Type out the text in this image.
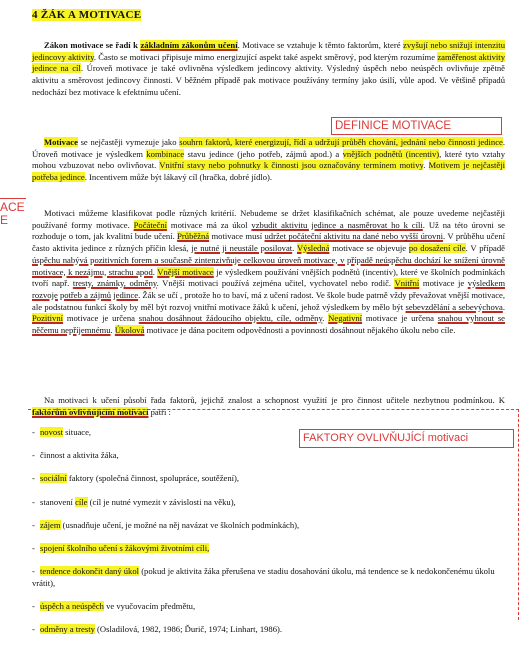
4 ŽÁK A MOTIVACE

Zákon motivace se řadí k základním zákonům učení. Motivace se vztahuje k těmto faktorům, které zvyšují nebo snižují intenzitu jedincovy aktivity. Často se motivaci připisuje mimo energizující aspekt také aspekt směrový, pod kterým rozumíme zaměřenost aktivity jedince na cíl. Úroveň motivace je také ovlivněna výsledkem jedincovy aktivity. Výsledný úspěch nebo neúspěch ovlivňuje zpětně aktivitu a směrovost jedincovy činnosti. V běžném případě pak motivace používány termíny jako úsilí, vůle apod. Ve většině případů nedochází bez motivace k efektnímu učení.

DEFINICE MOTIVACE

Motivace se nejčastěji vymezuje jako souhrn faktorů, které energizují, řídí a udržují průběh chování, jednání nebo činnosti jedince. Úroveň motivace je výsledkem kombinace stavu jedince (jeho potřeb, zájmů apod.) a vnějších podnětů (incentiv), které tyto vztahy mohou vzbuzovat nebo ovlivňovat. Vnitřní stavy nebo pohnutky k činnosti jsou označovány termínem motivy. Motivem je nejčastěji potřeba jedince. Incentivem může být lákavý cíl (hračka, dobré jídlo).

ACE
E	Motivaci můžeme klasifikovat podle různých kritérií. Nebudeme se držet klasifikačních schémat, ale pouze uvedeme nejčastěji používané formy motivace. Počáteční motivace má za úkol vzbudit aktivitu jedince a nasměrovat ho k cíli. Už na této úrovni se rozhoduje o tom, jak kvalitní bude učení. Průběžná motivace musí udržet počáteční aktivitu na dané nebo vyšší úrovni. V průběhu učení často aktivita jedince z různých příčin klesá, je nutné ji neustále posilovat. Výsledná motivace se objevuje po dosažení cíle. V případě úspěchu nabývá pozitivních forem a současně zintenzivňuje celkovou úroveň motivace, v případě neúspěchu dochází ke snížení úrovně motivace, k nezájmu, strachu apod. Vnější motivace je výsledkem používání vnějších podnětů (incentiv), které ve školních podmínkách tvoří např. tresty, známky, odměny. Vnější motivaci používá zejména učitel, vychovatel nebo rodič. Vnitřní motivace je výsledkem rozvoje potřeb a zájmů jedince. Žák se učí , protože ho to baví, má z učení radost. Ve škole bude patrně vždy převažovat vnější motivace, ale podstatnou funkcí školy by měl být rozvoj vnitřní motivace žáků k učení, jehož výsledkem by mělo být sebevzdělání a sebevýchova. Pozitivní motivace je určena snahou dosáhnout žádoucího objektu, cíle, odměny. Negativní motivace je určena snahou vyhnout se něčemu nepříjemnému. Úkolová motivace je dána pocitem odpovědnosti a povinnosti dosáhnout nějakého úkolu nebo cíle.

Na motivaci k učení působí řada faktorů, jejichž znalost a schopnost využití je pro činnost učitele nezbytnou podmínkou. K faktorům ovlivňujícím motivaci patří :

FAKTORY OVLIVŇUJÍCÍ motivaci
- novost situace,
- činnost a aktivita žáka,
- sociální faktory (společná činnost, spolupráce, soutěžení),
- stanovení cíle (cíl je nutné vymezit v závislosti na věku),
- zájem (usnadňuje učení, je možné na něj navázat ve školních podmínkách),
- spojení školního učení s žákovými životními cíli,
- tendence dokončit daný úkol (pokud je aktivita žáka přerušena ve stadiu dosahování úkolu, má tendence se k nedokončenému úkolu vrátit),
- úspěch a neúspěch ve vyučovacím předmětu,
- odměny a tresty (Osladilová, 1982, 1986; Ďurič, 1974; Linhart, 1986).
